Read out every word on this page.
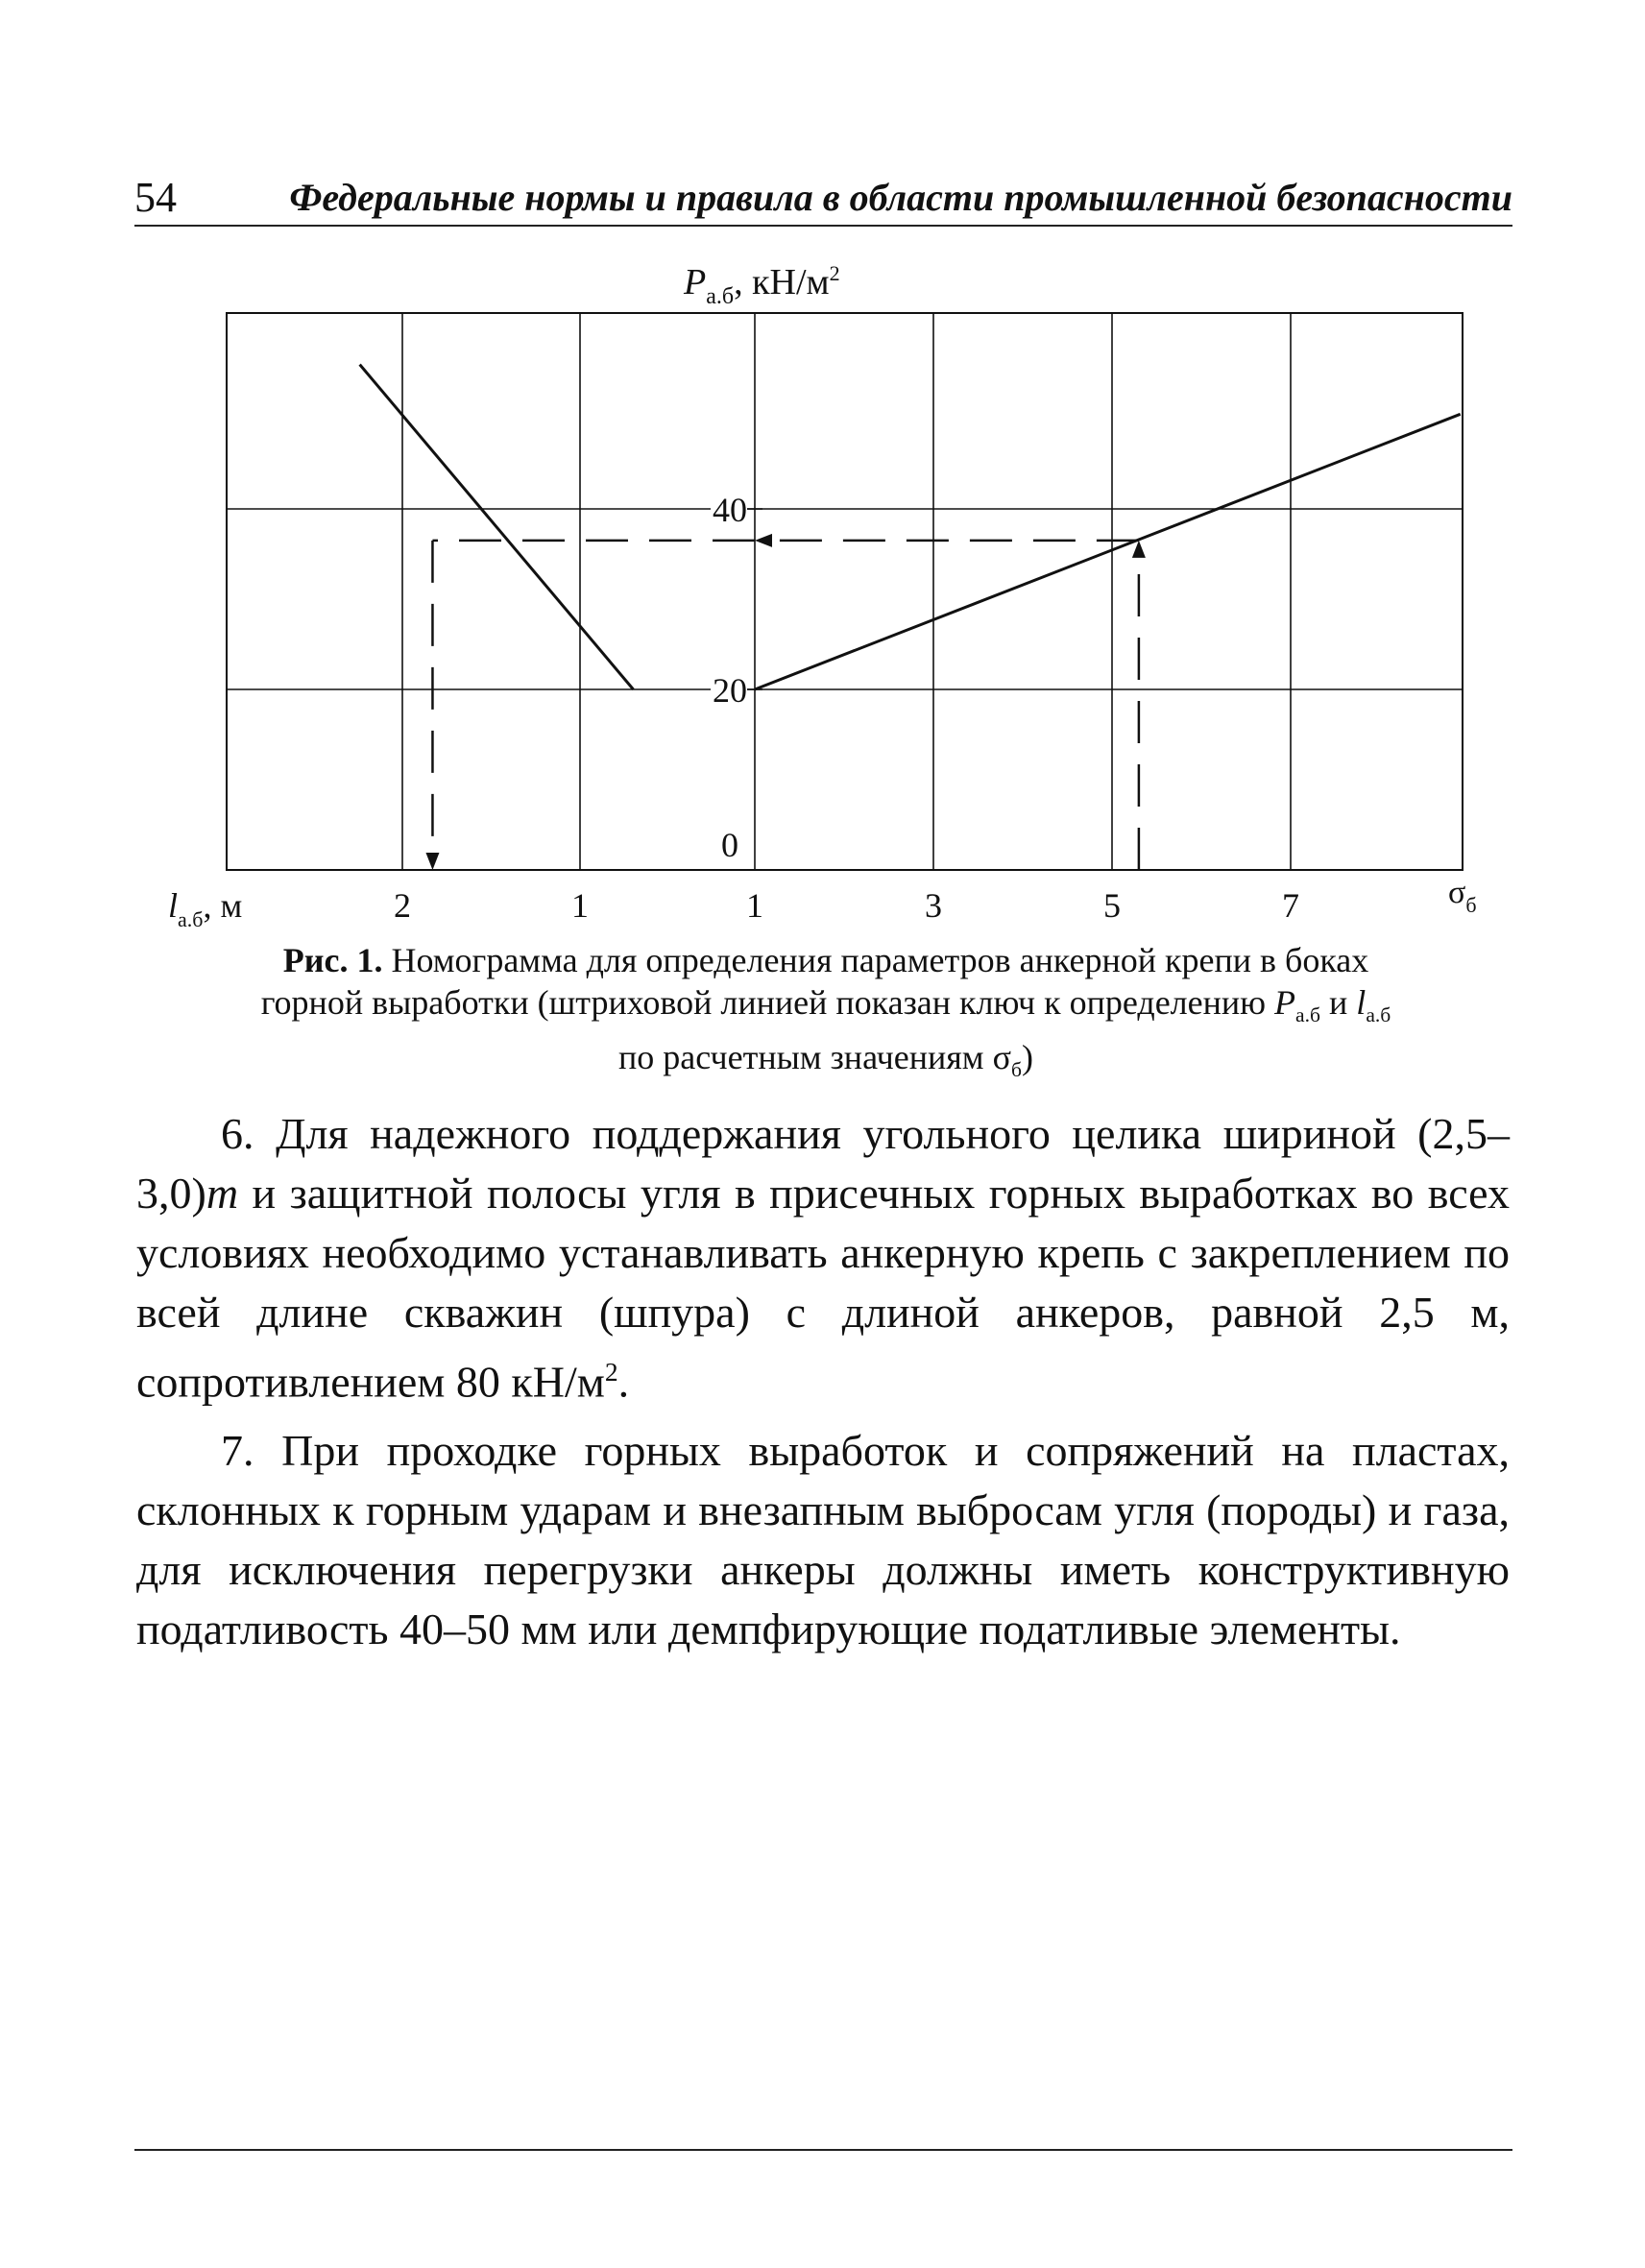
54	Федеральные нормы и правила в области промышленной безопасности
0
20
40
2	1	1	3	5	7
$P_{а.б}$, $кН/м^2$
$l_{а.б}$, м	$\sigma_б$
Рис. 1. Номограмма для определения параметров анкерной крепи в боках
горной выработки (штриховой линией показан ключ к определению $P_{а.б}$ и $l_{а.б}$
по расчетным значениям $\sigma_б$)

6. Для надежного поддержания угольного целика шириной (2,5–3,0)m и защитной полосы угля в присечных горных выработках во всех условиях необходимо устанавливать анкерную крепь с закреплением по всей длине скважин (шпура) с длиной анкеров, равной 2,5 м, сопротивлением 80 $кН/м^2$.

7. При проходке горных выработок и сопряжений на пластах, склонных к горным ударам и внезапным выбросам угля (породы) и газа, для исключения перегрузки анкеры должны иметь конструктивную податливость 40–50 мм или демпфирующие податливые элементы.
